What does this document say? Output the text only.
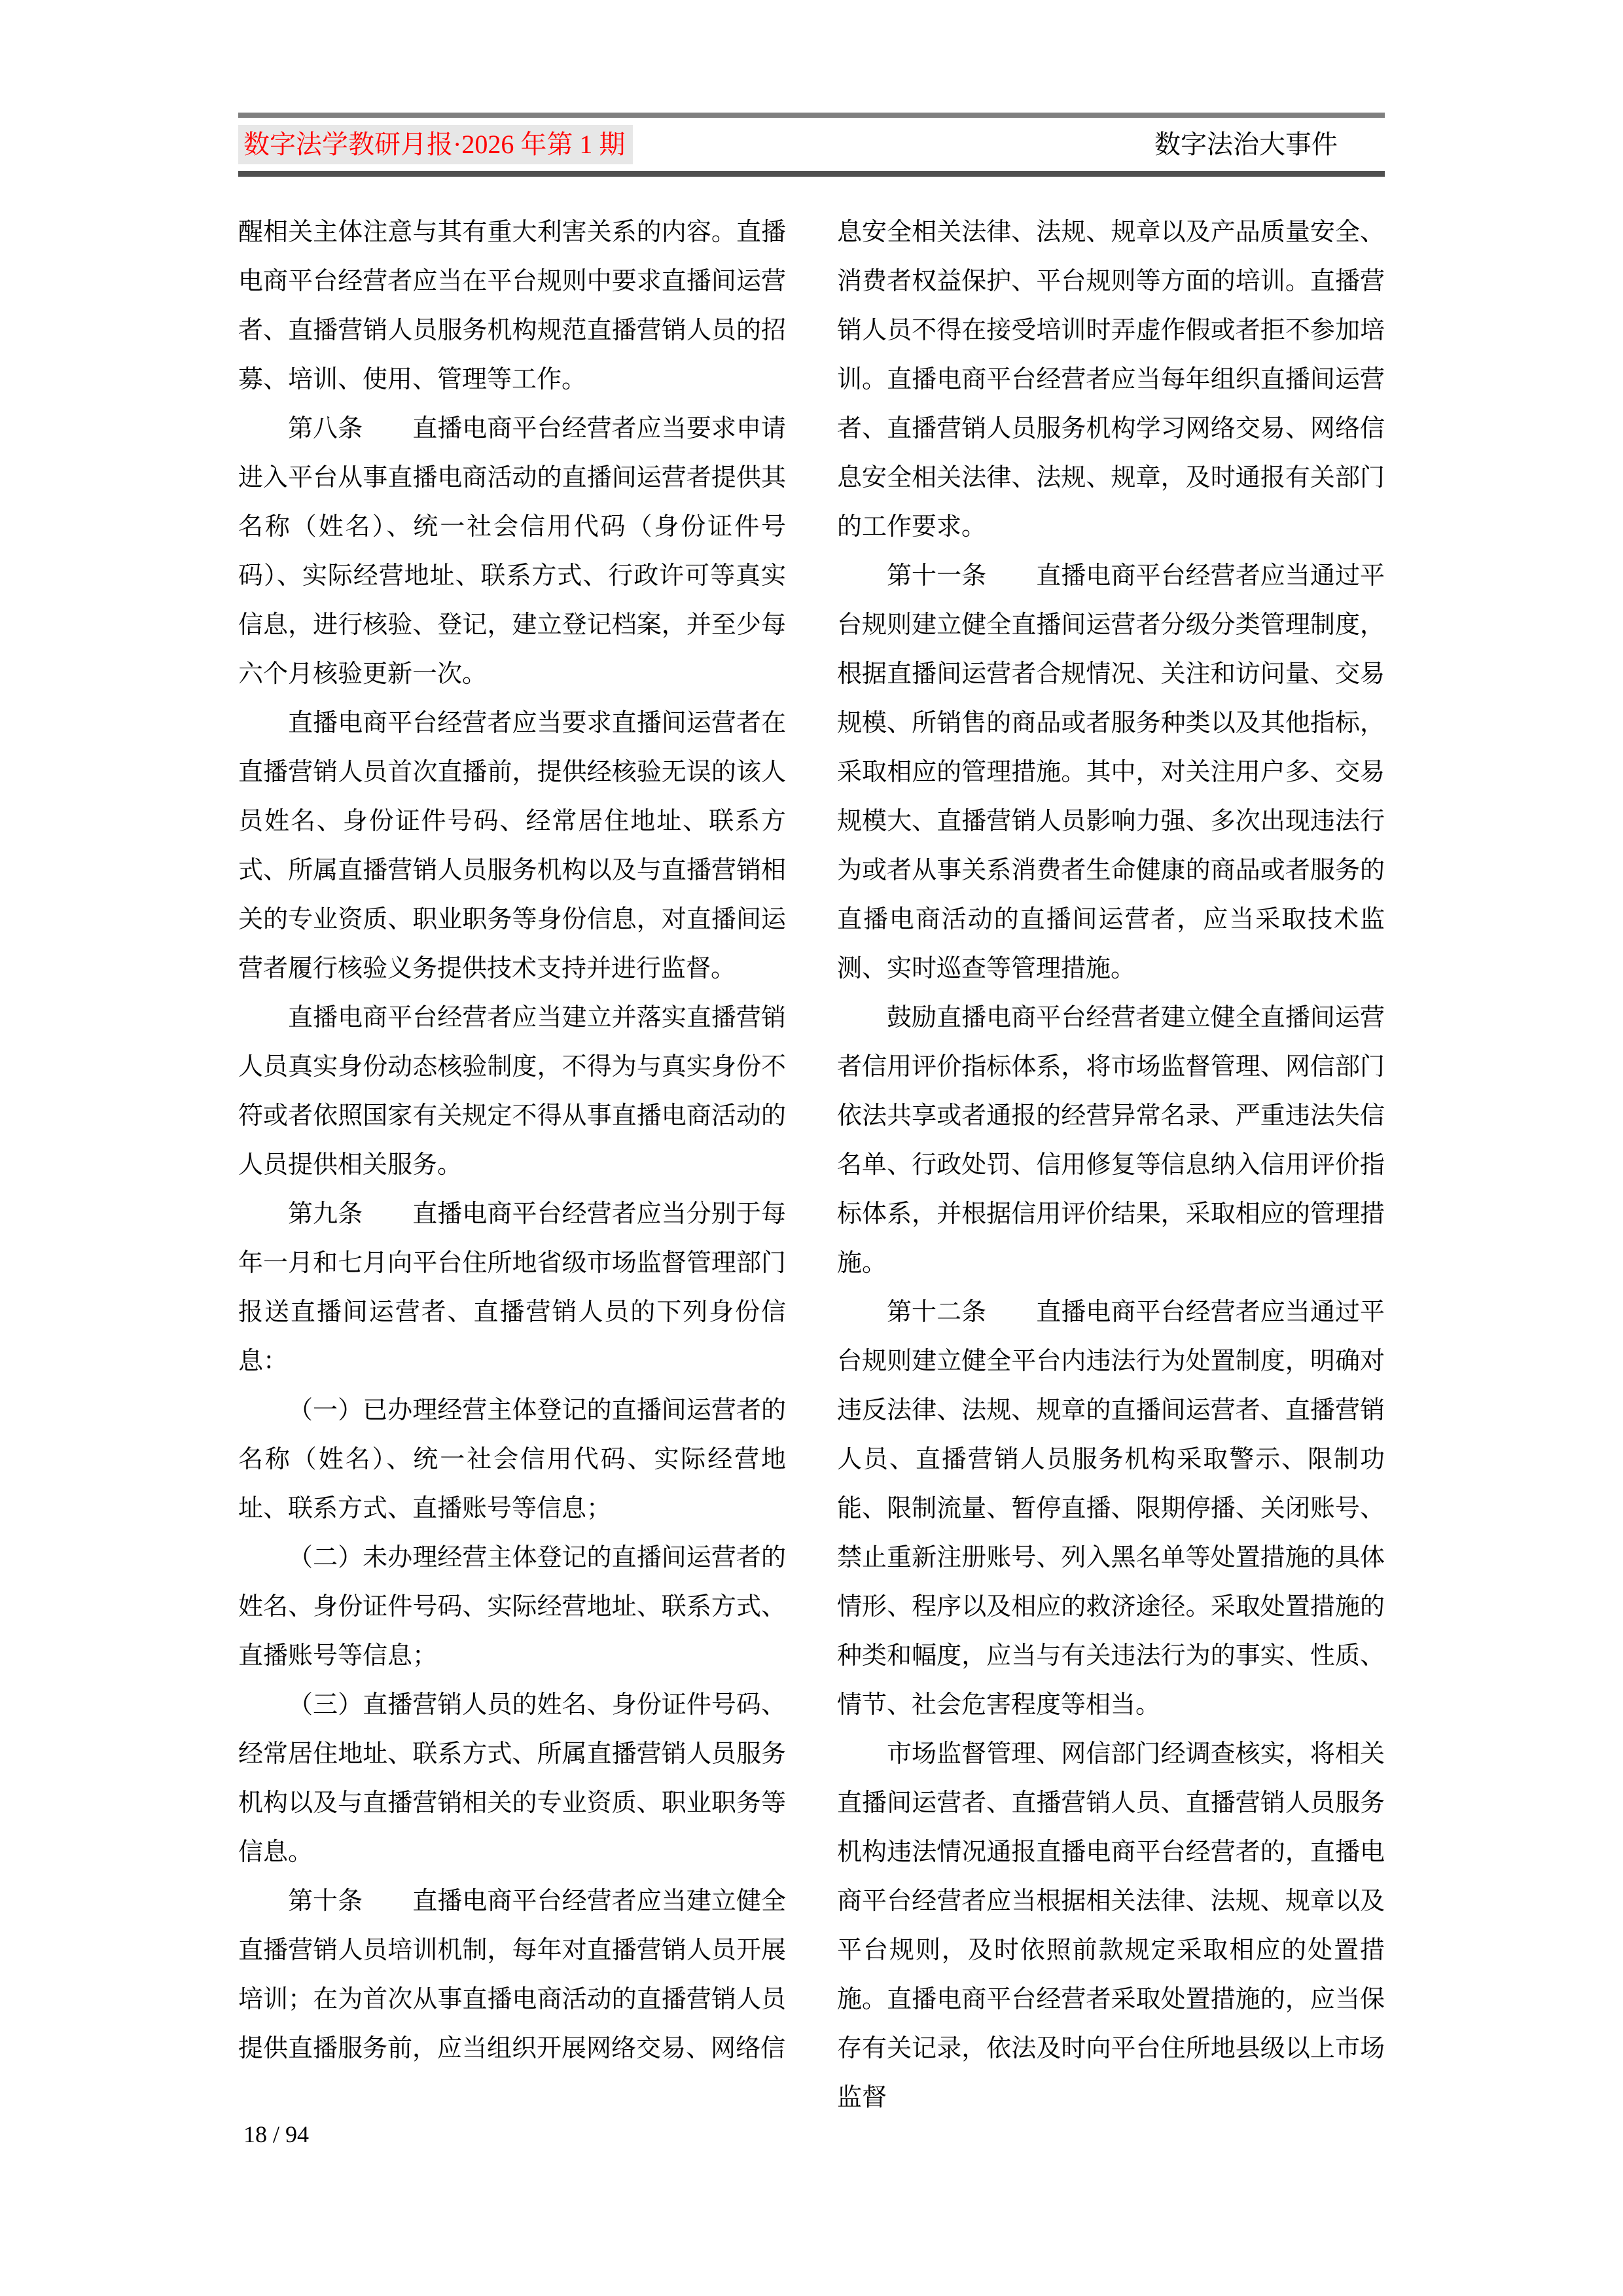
数字法学教研月报·2026 年第 1 期	数字法治大事件

醒相关主体注意与其有重大利害关系的内容。直播电商平台经营者应当在平台规则中要求直播间运营者、直播营销人员服务机构规范直播营销人员的招募、培训、使用、管理等工作。

第八条　　直播电商平台经营者应当要求申请进入平台从事直播电商活动的直播间运营者提供其名称（姓名）、统一社会信用代码（身份证件号码）、实际经营地址、联系方式、行政许可等真实信息，进行核验、登记，建立登记档案，并至少每六个月核验更新一次。

直播电商平台经营者应当要求直播间运营者在直播营销人员首次直播前，提供经核验无误的该人员姓名、身份证件号码、经常居住地址、联系方式、所属直播营销人员服务机构以及与直播营销相关的专业资质、职业职务等身份信息，对直播间运营者履行核验义务提供技术支持并进行监督。

直播电商平台经营者应当建立并落实直播营销人员真实身份动态核验制度，不得为与真实身份不符或者依照国家有关规定不得从事直播电商活动的人员提供相关服务。

第九条　　直播电商平台经营者应当分别于每年一月和七月向平台住所地省级市场监督管理部门报送直播间运营者、直播营销人员的下列身份信息：

（一）已办理经营主体登记的直播间运营者的名称（姓名）、统一社会信用代码、实际经营地址、联系方式、直播账号等信息；

（二）未办理经营主体登记的直播间运营者的姓名、身份证件号码、实际经营地址、联系方式、直播账号等信息；

（三）直播营销人员的姓名、身份证件号码、经常居住地址、联系方式、所属直播营销人员服务机构以及与直播营销相关的专业资质、职业职务等信息。

第十条　　直播电商平台经营者应当建立健全直播营销人员培训机制，每年对直播营销人员开展培训；在为首次从事直播电商活动的直播营销人员提供直播服务前，应当组织开展网络交易、网络信

息安全相关法律、法规、规章以及产品质量安全、消费者权益保护、平台规则等方面的培训。直播营销人员不得在接受培训时弄虚作假或者拒不参加培训。直播电商平台经营者应当每年组织直播间运营者、直播营销人员服务机构学习网络交易、网络信息安全相关法律、法规、规章，及时通报有关部门的工作要求。

第十一条　　直播电商平台经营者应当通过平台规则建立健全直播间运营者分级分类管理制度，根据直播间运营者合规情况、关注和访问量、交易规模、所销售的商品或者服务种类以及其他指标，采取相应的管理措施。其中，对关注用户多、交易规模大、直播营销人员影响力强、多次出现违法行为或者从事关系消费者生命健康的商品或者服务的直播电商活动的直播间运营者，应当采取技术监测、实时巡查等管理措施。

鼓励直播电商平台经营者建立健全直播间运营者信用评价指标体系，将市场监督管理、网信部门依法共享或者通报的经营异常名录、严重违法失信名单、行政处罚、信用修复等信息纳入信用评价指标体系，并根据信用评价结果，采取相应的管理措施。

第十二条　　直播电商平台经营者应当通过平台规则建立健全平台内违法行为处置制度，明确对违反法律、法规、规章的直播间运营者、直播营销人员、直播营销人员服务机构采取警示、限制功能、限制流量、暂停直播、限期停播、关闭账号、禁止重新注册账号、列入黑名单等处置措施的具体情形、程序以及相应的救济途径。采取处置措施的种类和幅度，应当与有关违法行为的事实、性质、情节、社会危害程度等相当。

市场监督管理、网信部门经调查核实，将相关直播间运营者、直播营销人员、直播营销人员服务机构违法情况通报直播电商平台经营者的，直播电商平台经营者应当根据相关法律、法规、规章以及平台规则，及时依照前款规定采取相应的处置措施。直播电商平台经营者采取处置措施的，应当保存有关记录，依法及时向平台住所地县级以上市场监督

18 / 94
